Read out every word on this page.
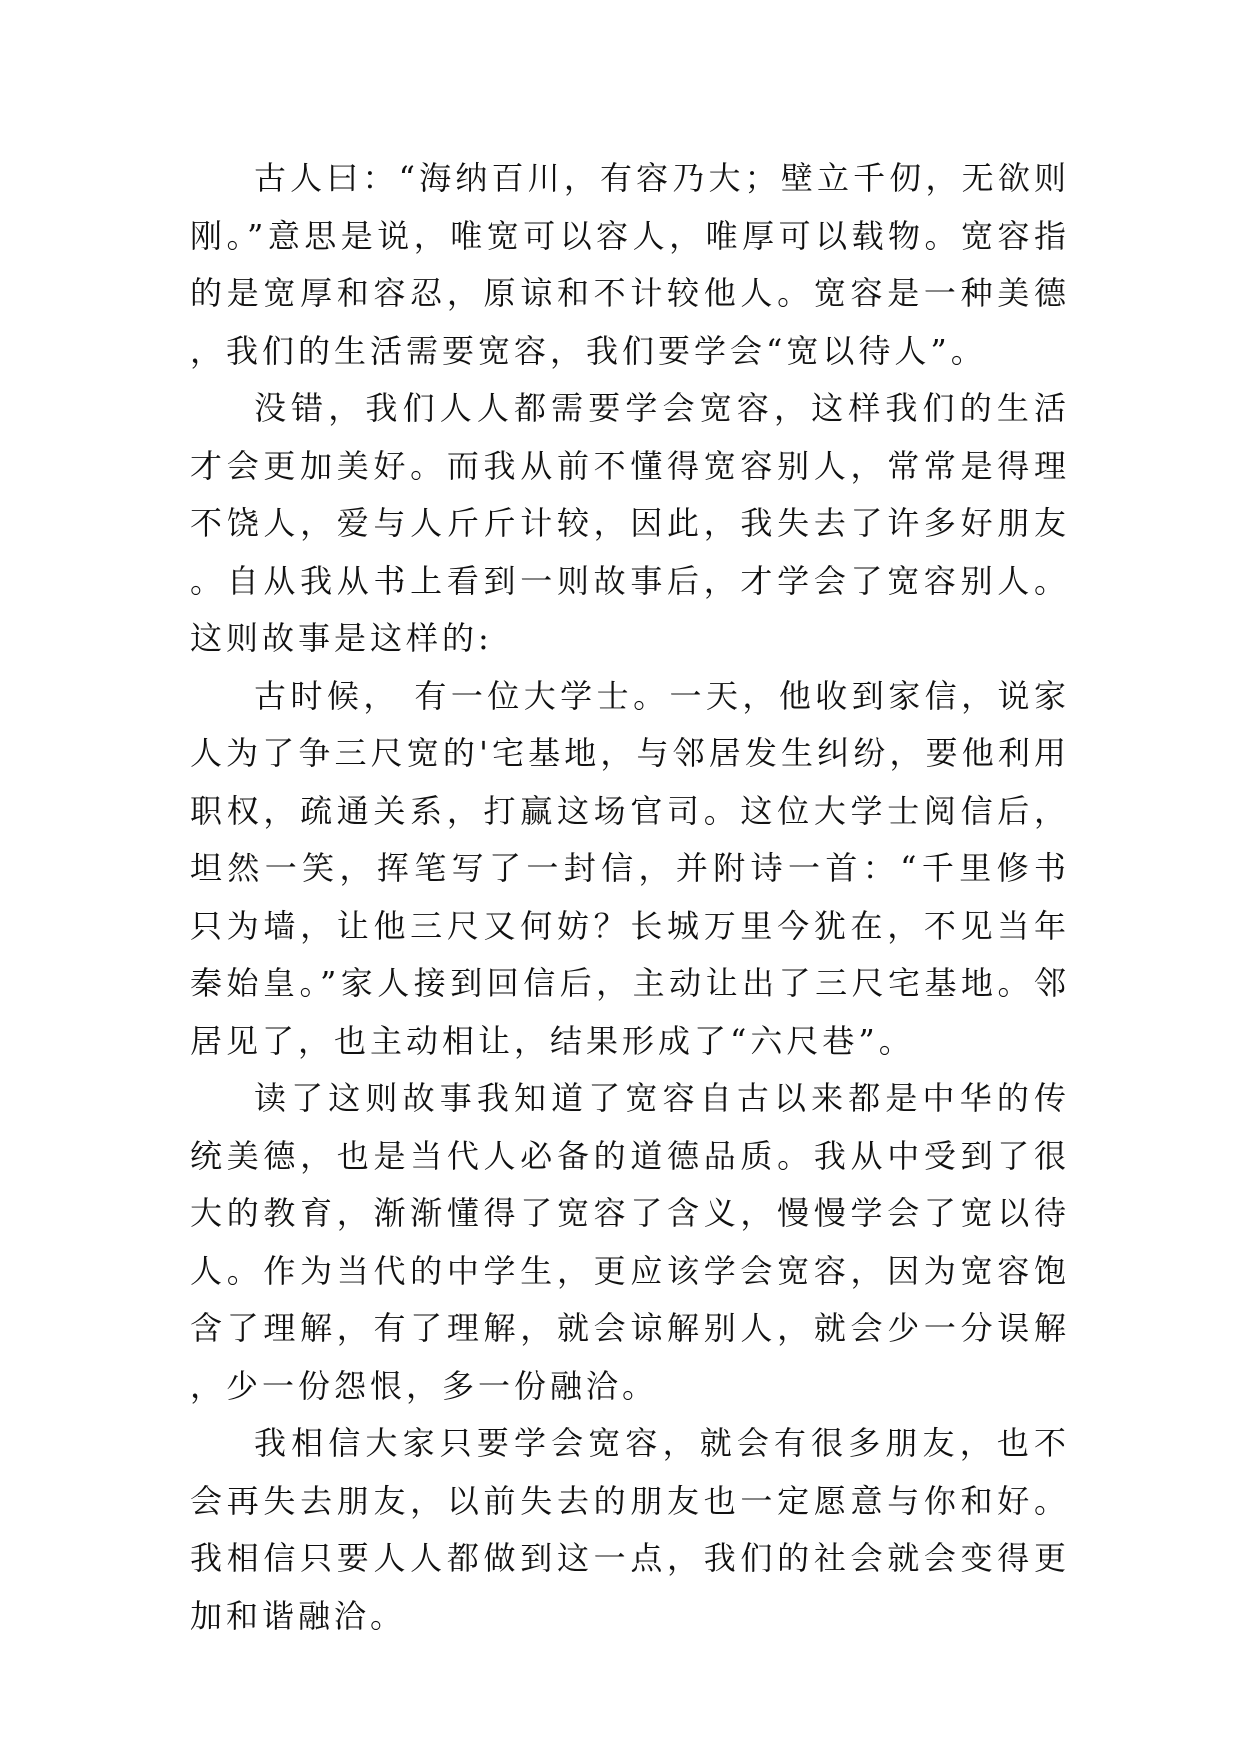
古人曰：“海纳百川，有容乃大；壁立千仞，无欲则刚。”意思是说，唯宽可以容人，唯厚可以载物。宽容指的是宽厚和容忍，原谅和不计较他人。宽容是一种美德，我们的生活需要宽容，我们要学会“宽以待人”。

没错，我们人人都需要学会宽容，这样我们的生活才会更加美好。而我从前不懂得宽容别人，常常是得理不饶人，爱与人斤斤计较，因此，我失去了许多好朋友。自从我从书上看到一则故事后，才学会了宽容别人。这则故事是这样的:

古时候， 有一位大学士。一天，他收到家信，说家人为了争三尺宽的'宅基地，与邻居发生纠纷，要他利用职权，疏通关系，打赢这场官司。这位大学士阅信后，坦然一笑，挥笔写了一封信，并附诗一首：“千里修书只为墙，让他三尺又何妨？长城万里今犹在，不见当年秦始皇。”家人接到回信后，主动让出了三尺宅基地。邻居见了，也主动相让，结果形成了“六尺巷”。

读了这则故事我知道了宽容自古以来都是中华的传统美德，也是当代人必备的道德品质。我从中受到了很大的教育，渐渐懂得了宽容了含义，慢慢学会了宽以待人。作为当代的中学生，更应该学会宽容，因为宽容饱含了理解，有了理解，就会谅解别人，就会少一分误解，少一份怨恨，多一份融洽。

我相信大家只要学会宽容，就会有很多朋友，也不会再失去朋友，以前失去的朋友也一定愿意与你和好。我相信只要人人都做到这一点，我们的社会就会变得更加和谐融洽。
